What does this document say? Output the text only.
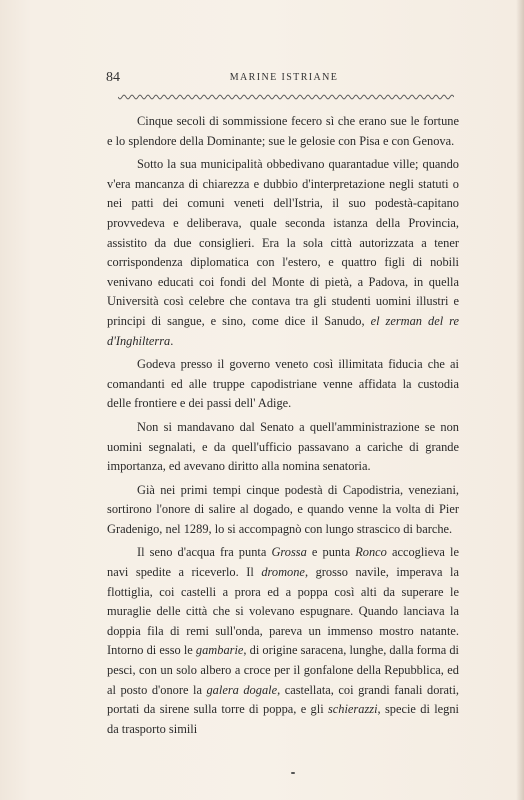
84	MARINE ISTRIANE

Cinque secoli di sommissione fecero sì che erano sue le fortune e lo splendore della Dominante; sue le gelosie con Pisa e con Genova.

Sotto la sua municipalità obbedivano quarantadue ville; quando v'era mancanza di chiarezza e dubbio d'interpretazione negli statuti o nei patti dei comuni veneti dell'Istria, il suo podestà-capitano provvedeva e deliberava, quale seconda istanza della Provincia, assistito da due consiglieri. Era la sola città autorizzata a tener corrispondenza diplomatica con l'estero, e quattro figli di nobili venivano educati coi fondi del Monte di pietà, a Padova, in quella Università così celebre che contava tra gli studenti uomini illustri e principi di sangue, e sino, come dice il Sanudo, el zerman del re d'Inghilterra.

Godeva presso il governo veneto così illimitata fiducia che ai comandanti ed alle truppe capodistriane venne affidata la custodia delle frontiere e dei passi dell' Adige.

Non si mandavano dal Senato a quell'amministrazione se non uomini segnalati, e da quell'ufficio passavano a cariche di grande importanza, ed avevano diritto alla nomina senatoria.

Già nei primi tempi cinque podestà di Capodistria, veneziani, sortirono l'onore di salire al dogado, e quando venne la volta di Pier Gradenigo, nel 1289, lo si accompagnò con lungo strascico di barche.

Il seno d'acqua fra punta Grossa e punta Ronco accoglieva le navi spedite a riceverlo. Il dromone, grosso navile, imperava la flottiglia, coi castelli a prora ed a poppa così alti da superare le muraglie delle città che si volevano espugnare. Quando lanciava la doppia fila di remi sull'onda, pareva un immenso mostro natante. Intorno di esso le gambarie, di origine saracena, lunghe, dalla forma di pesci, con un solo albero a croce per il gonfalone della Repubblica, ed al posto d'onore la galera dogale, castellata, coi grandi fanali dorati, portati da sirene sulla torre di poppa, e gli schierazzi, specie di legni da trasporto simili
